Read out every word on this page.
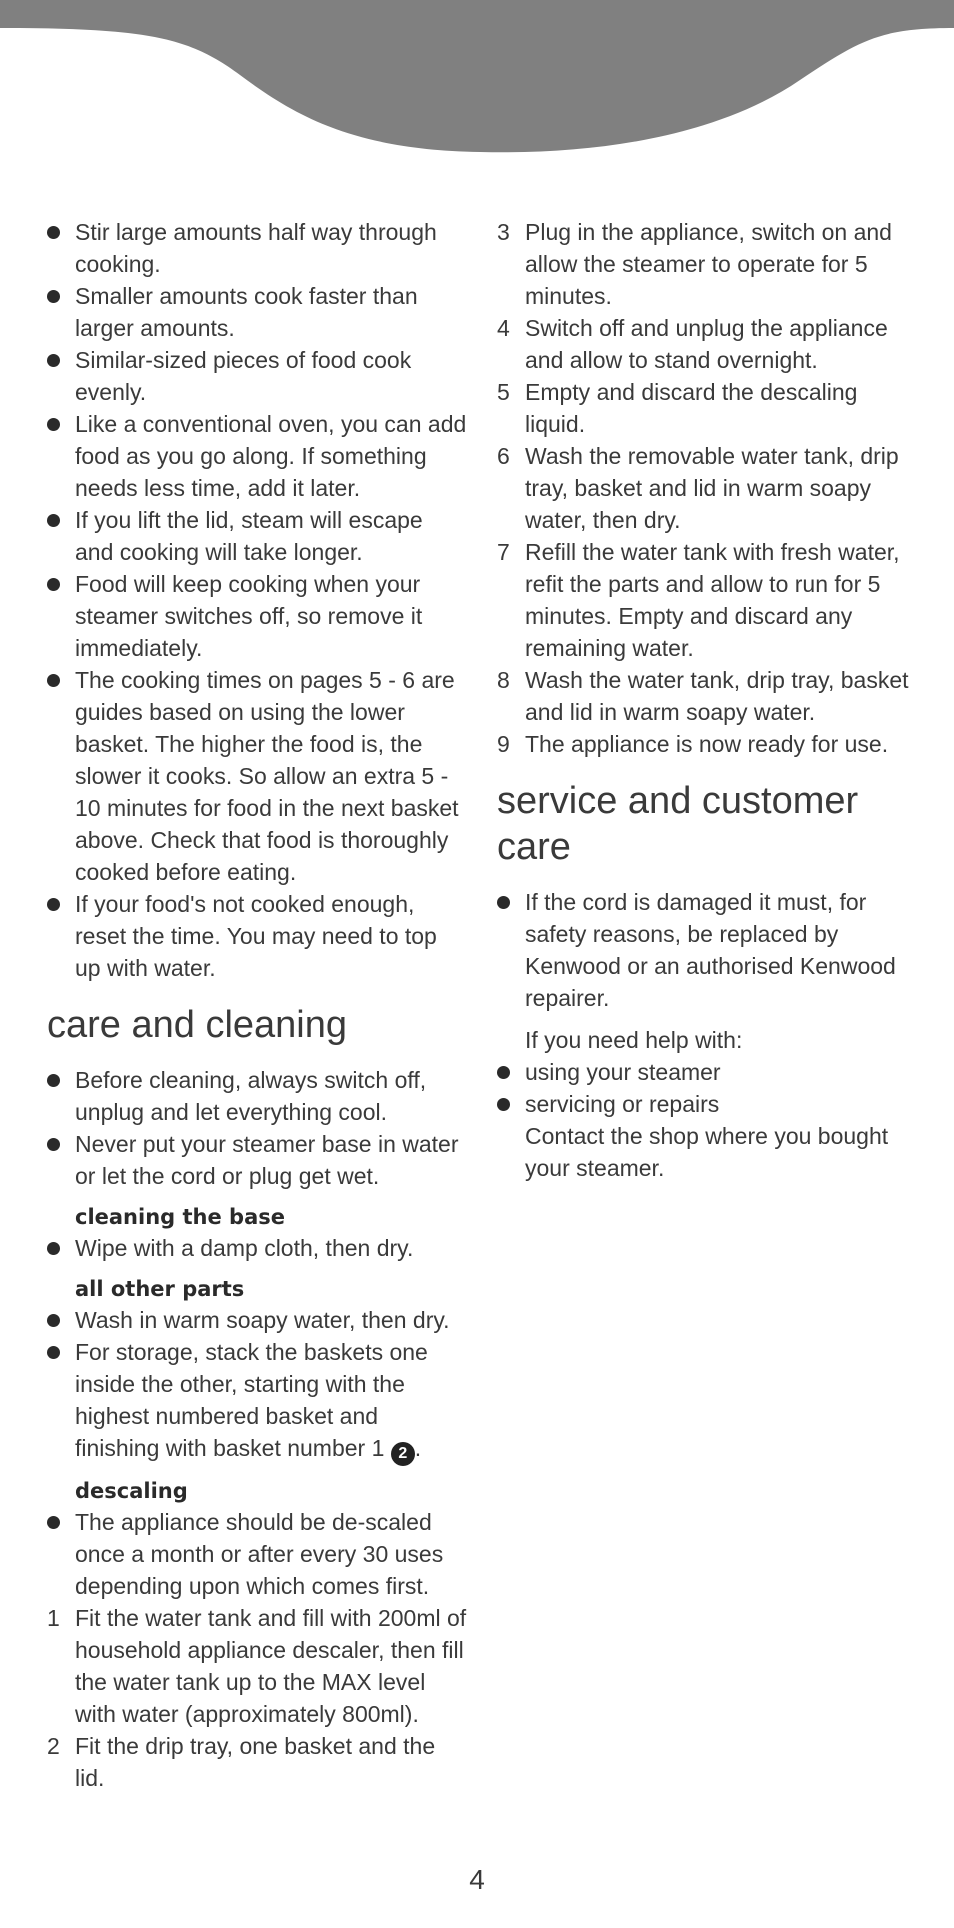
Stir large amounts half way through cooking.
Smaller amounts cook faster than larger amounts.
Similar-sized pieces of food cook evenly.
Like a conventional oven, you can add food as you go along. If something needs less time, add it later.
If you lift the lid, steam will escape and cooking will take longer.
Food will keep cooking when your steamer switches off, so remove it immediately.
The cooking times on pages 5 - 6 are guides based on using the lower basket. The higher the food is, the slower it cooks. So allow an extra 5 - 10 minutes for food in the next basket above. Check that food is thoroughly cooked before eating.
If your food's not cooked enough, reset the time. You may need to top up with water.
care and cleaning
Before cleaning, always switch off, unplug and let everything cool.
Never put your steamer base in water or let the cord or plug get wet.
cleaning the base
Wipe with a damp cloth, then dry.
all other parts
Wash in warm soapy water, then dry.
For storage, stack the baskets one inside the other, starting with the highest numbered basket and finishing with basket number 1 2 .
descaling
The appliance should be de-scaled once a month or after every 30 uses depending upon which comes first.
1 Fit the water tank and fill with 200ml of household appliance descaler, then fill the water tank up to the MAX level with water (approximately 800ml).
2 Fit the drip tray, one basket and the lid.
3 Plug in the appliance, switch on and allow the steamer to operate for 5 minutes.
4 Switch off and unplug the appliance and allow to stand overnight.
5 Empty and discard the descaling liquid.
6 Wash the removable water tank, drip tray, basket and lid in warm soapy water, then dry.
7 Refill the water tank with fresh water, refit the parts and allow to run for 5 minutes. Empty and discard any remaining water.
8 Wash the water tank, drip tray, basket and lid in warm soapy water.
9 The appliance is now ready for use.
service and customer care
If the cord is damaged it must, for safety reasons, be replaced by Kenwood or an authorised Kenwood repairer.
If you need help with:
using your steamer
servicing or repairs
Contact the shop where you bought your steamer.
4
